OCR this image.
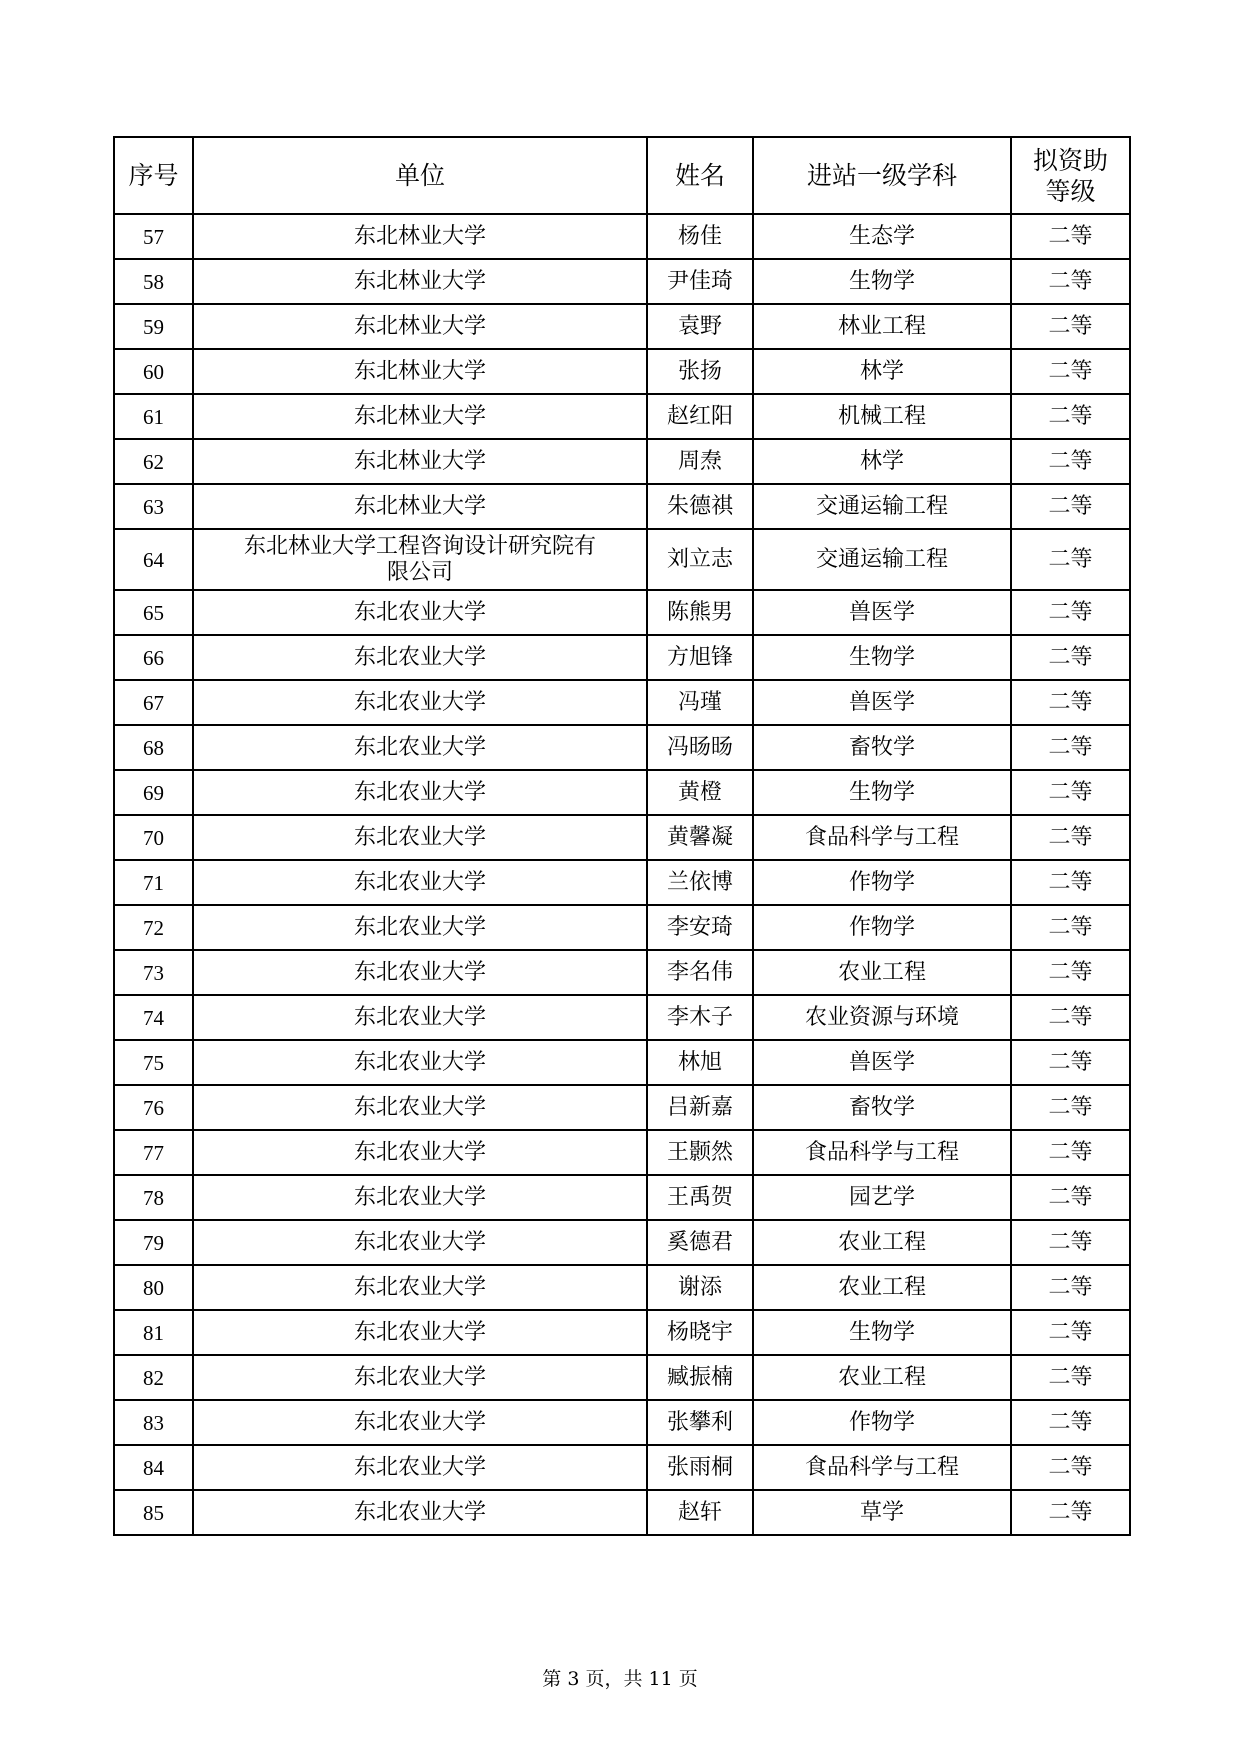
序号	单位	姓名	进站一级学科	拟资助等级
57	东北林业大学	杨佳	生态学	二等
58	东北林业大学	尹佳琦	生物学	二等
59	东北林业大学	袁野	林业工程	二等
60	东北林业大学	张扬	林学	二等
61	东北林业大学	赵红阳	机械工程	二等
62	东北林业大学	周焘	林学	二等
63	东北林业大学	朱德祺	交通运输工程	二等
64	东北林业大学工程咨询设计研究院有限公司	刘立志	交通运输工程	二等
65	东北农业大学	陈熊男	兽医学	二等
66	东北农业大学	方旭锋	生物学	二等
67	东北农业大学	冯瑾	兽医学	二等
68	东北农业大学	冯旸旸	畜牧学	二等
69	东北农业大学	黄橙	生物学	二等
70	东北农业大学	黄馨凝	食品科学与工程	二等
71	东北农业大学	兰依博	作物学	二等
72	东北农业大学	李安琦	作物学	二等
73	东北农业大学	李名伟	农业工程	二等
74	东北农业大学	李木子	农业资源与环境	二等
75	东北农业大学	林旭	兽医学	二等
76	东北农业大学	吕新嘉	畜牧学	二等
77	东北农业大学	王颢然	食品科学与工程	二等
78	东北农业大学	王禹贺	园艺学	二等
79	东北农业大学	奚德君	农业工程	二等
80	东北农业大学	谢添	农业工程	二等
81	东北农业大学	杨晓宇	生物学	二等
82	东北农业大学	臧振楠	农业工程	二等
83	东北农业大学	张攀利	作物学	二等
84	东北农业大学	张雨桐	食品科学与工程	二等
85	东北农业大学	赵轩	草学	二等
第 3 页，共 11 页
